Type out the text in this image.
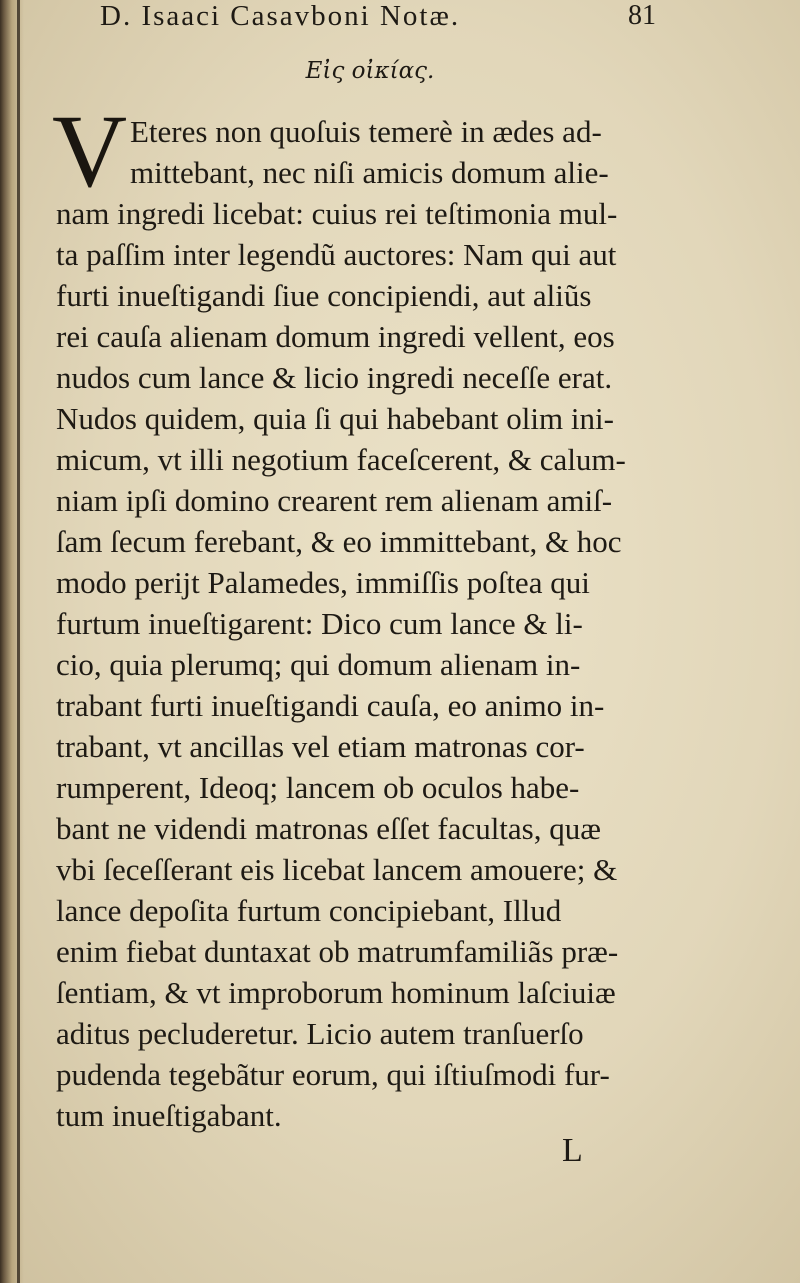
D. Isaaci Casavboni Notæ.	81
Εἰς οἰκίας.
V Eteres non quoſuis temerè in ædes ad-
mittebant, nec niſi amicis domum alie-
nam ingredi licebat: cuius rei teſtimonia mul-
ta paſſim inter legendũ auctores: Nam qui aut
furti inueſtigandi ſiue concipiendi, aut aliũs
rei cauſa alienam domum ingredi vellent, eos
nudos cum lance & licio ingredi neceſſe erat.
Nudos quidem, quia ſi qui habebant olim ini-
micum, vt illi negotium faceſcerent, & calum-
niam ipſi domino crearent rem alienam amiſ-
ſam ſecum ferebant, & eo immittebant, & hoc
modo perijt Palamedes, immiſſis poſtea qui
furtum inueſtigarent: Dico cum lance & li-
cio, quia plerumq; qui domum alienam in-
trabant furti inueſtigandi cauſa, eo animo in-
trabant, vt ancillas vel etiam matronas cor-
rumperent, Ideoq; lancem ob oculos habe-
bant ne videndi matronas eſſet facultas, quæ
vbi ſeceſſerant eis licebat lancem amouere; &
lance depoſita furtum concipiebant, Illud
enim fiebat duntaxat ob matrumfamiliãs præ-
ſentiam, & vt improborum hominum laſciuiæ
aditus pecluderetur. Licio autem tranſuerſo
pudenda tegebãtur eorum, qui iſtiuſmodi fur-
tum inueſtigabant.
L
